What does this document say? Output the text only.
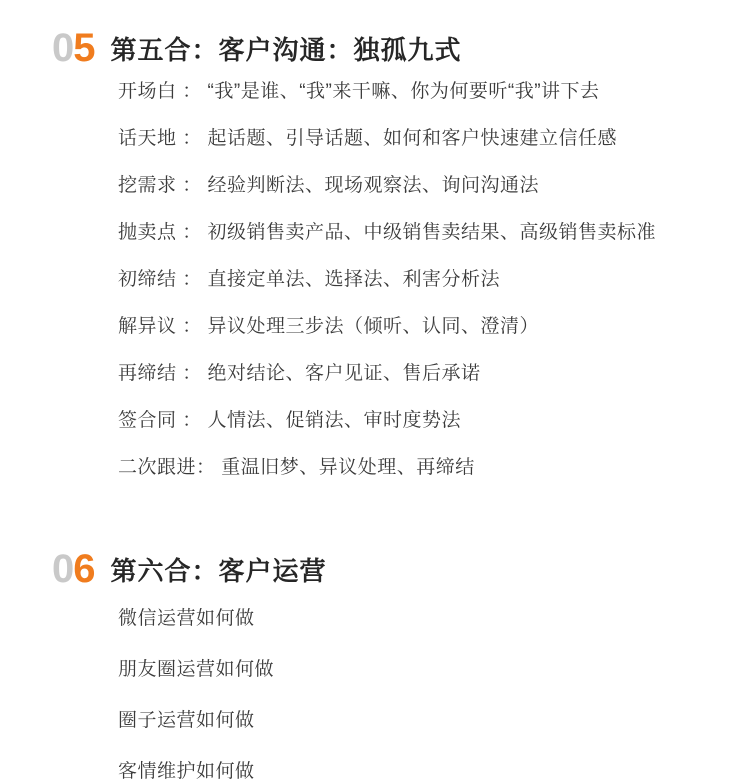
0 5 第五合：客户沟通：独孤九式
开场白 ： “我”是谁、“我”来干嘛、你为何要听“我”讲下去
话天地 ： 起话题、引导话题、如何和客户快速建立信任感
挖需求 ： 经验判断法、现场观察法、询问沟通法
抛卖点 ： 初级销售卖产品、中级销售卖结果、高级销售卖标准
初缔结 ： 直接定单法、选择法、利害分析法
解异议 ： 异议处理三步法（倾听、认同、澄清）
再缔结 ： 绝对结论、客户见证、售后承诺
签合同 ： 人情法、促销法、审时度势法
二次跟进： 重温旧梦、异议处理、再缔结
0 6 第六合：客户运营
微信运营如何做
朋友圈运营如何做
圈子运营如何做
客情维护如何做
